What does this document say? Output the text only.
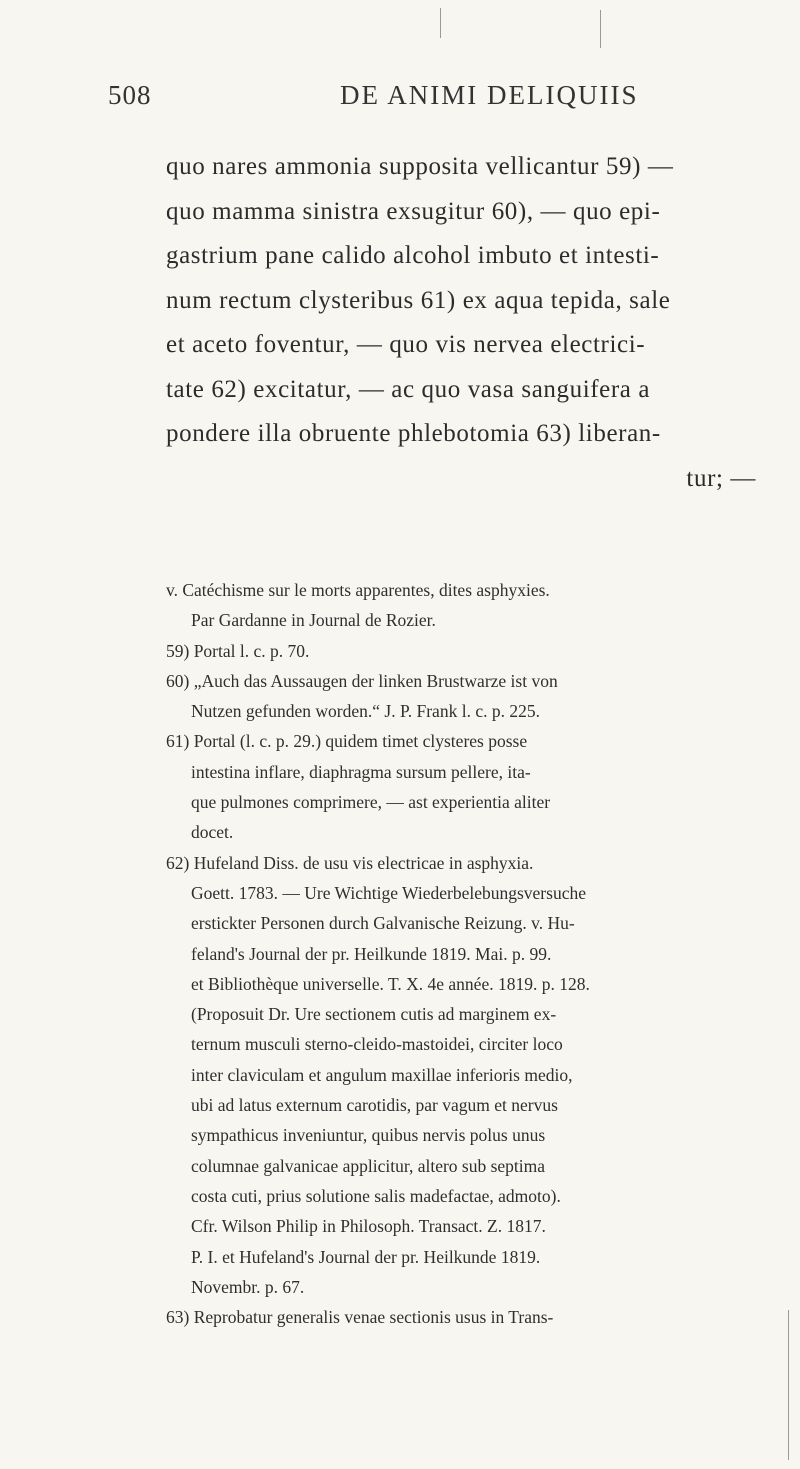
508	DE ANIMI DELIQUIIS
quo nares ammonia supposita vellicantur 59) —
quo mamma sinistra exsugitur 60), — quo epi-
gastrium pane calido alcohol imbuto et intesti-
num rectum clysteribus 61) ex aqua tepida, sale
et aceto foventur, — quo vis nervea electrici-
tate 62) excitatur, — ac quo vasa sanguifera a
pondere illa obruente phlebotomia 63) liberan-
tur; —
v. Catéchisme sur le morts apparentes, dites asphyxies.
Par Gardanne in Journal de Rozier.
59) Portal l. c. p. 70.
60) „Auch das Aussaugen der linken Brustwarze ist von
Nutzen gefunden worden.“ J. P. Frank l. c. p. 225.
61) Portal (l. c. p. 29.) quidem timet clysteres posse
intestina inflare, diaphragma sursum pellere, ita-
que pulmones comprimere, — ast experientia aliter
docet.
62) Hufeland Diss. de usu vis electricae in asphyxia.
Goett. 1783. — Ure Wichtige Wiederbelebungsversuche
erstickter Personen durch Galvanische Reizung. v. Hu-
feland's Journal der pr. Heilkunde 1819. Mai. p. 99.
et Bibliothèque universelle. T. X. 4e année. 1819. p. 128.
(Proposuit Dr. Ure sectionem cutis ad marginem ex-
ternum musculi sterno-cleido-mastoidei, circiter loco
inter claviculam et angulum maxillae inferioris medio,
ubi ad latus externum carotidis, par vagum et nervus
sympathicus inveniuntur, quibus nervis polus unus
columnae galvanicae applicitur, altero sub septima
costa cuti, prius solutione salis madefactae, admoto).
Cfr. Wilson Philip in Philosoph. Transact. Z. 1817.
P. I. et Hufeland's Journal der pr. Heilkunde 1819.
Novembr. p. 67.
63) Reprobatur generalis venae sectionis usus in Trans-
